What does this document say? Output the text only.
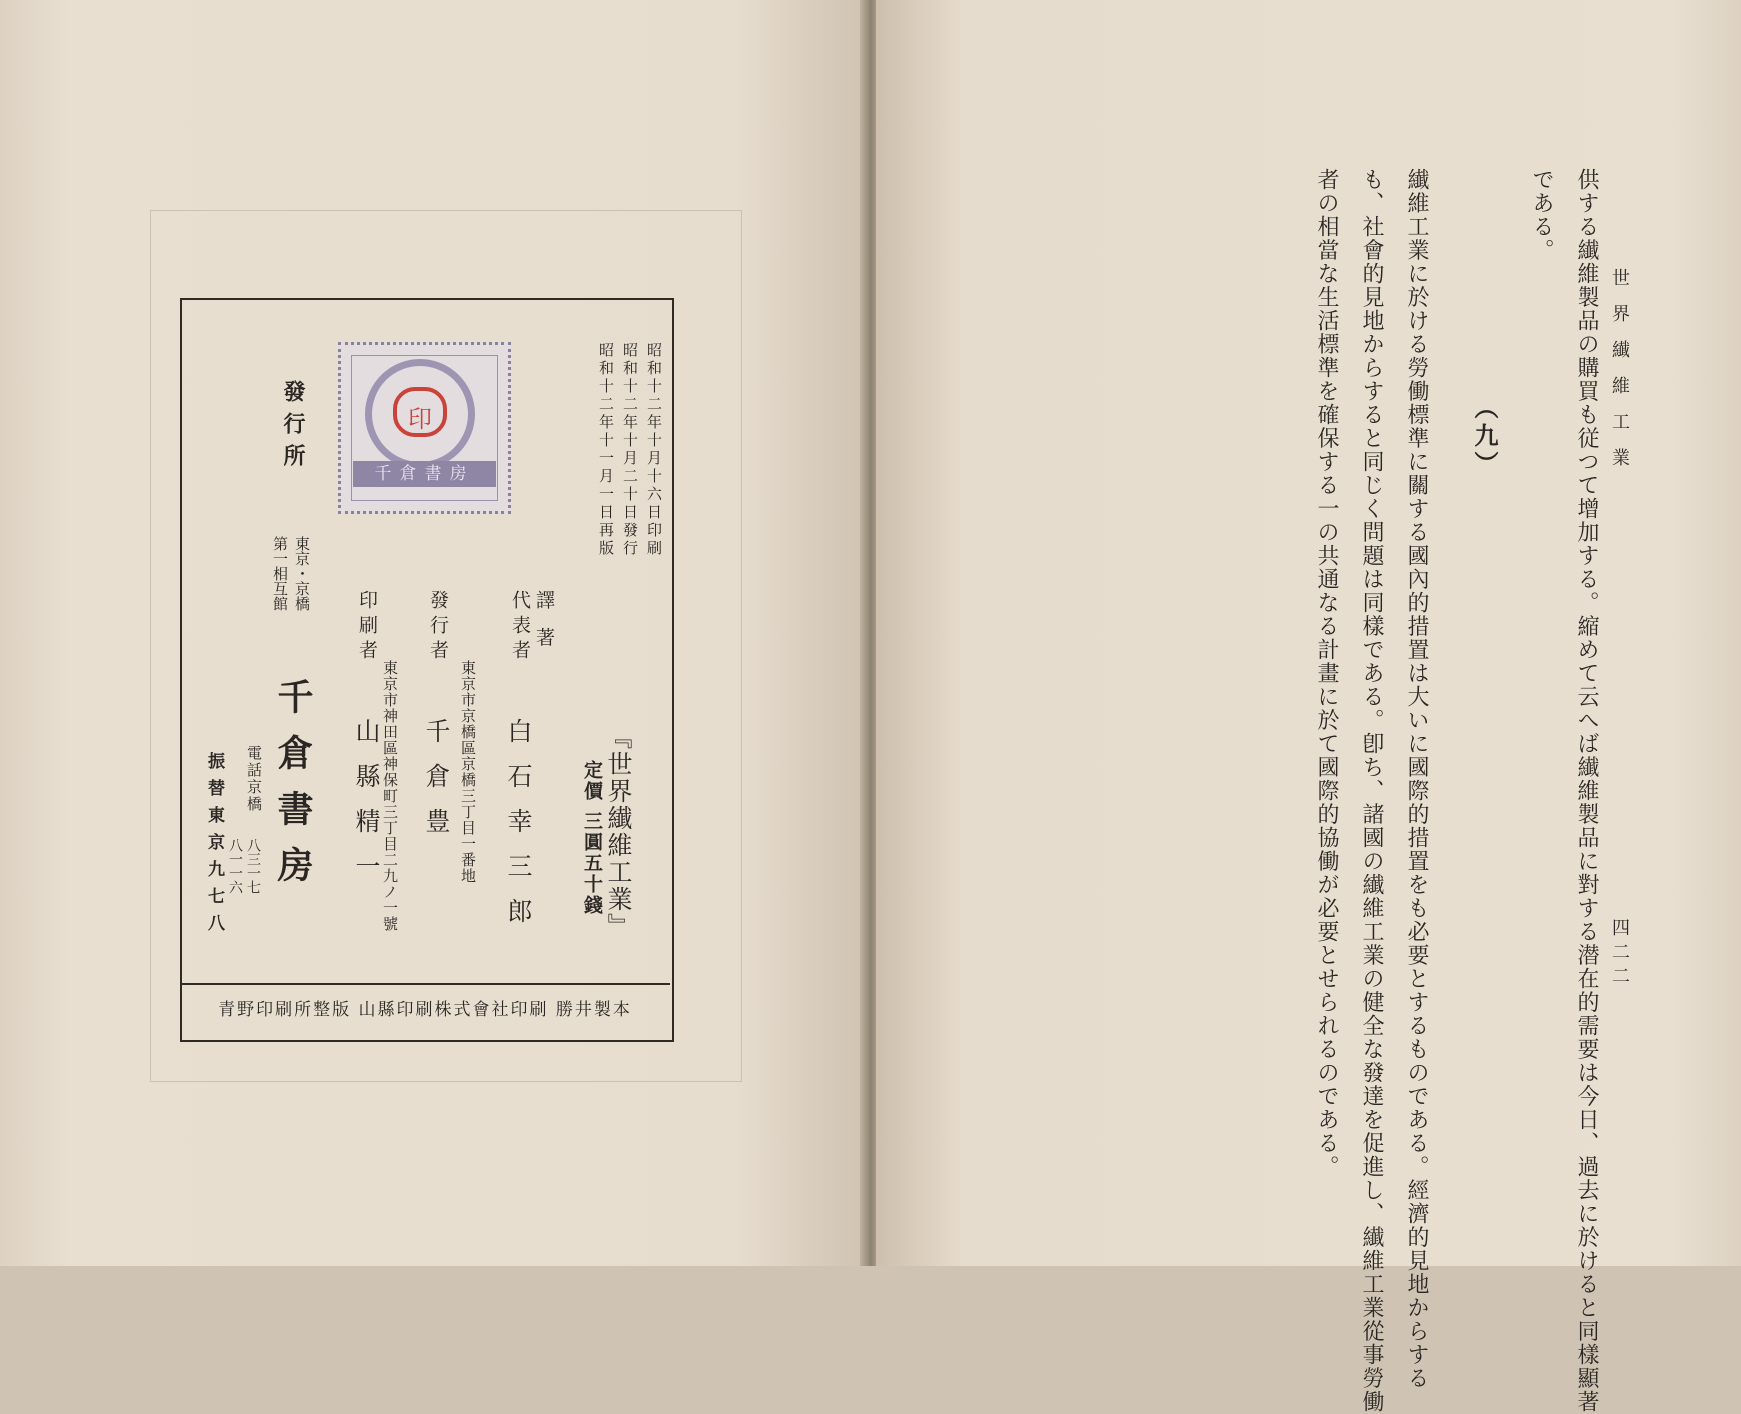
印
千倉書房	昭和十二年十月十六日印刷
昭和十二年十月二十日發行
昭和十二年十一月一日再版
『世界纎維工業』
定價 三圓五十錢
譯 著
代表者
白石幸三郎
東京市京橋區京橋三丁目一番地
發行者
千倉豊
東京市神田區神保町三丁目二九ノ一號
印刷者
山縣精一
發行所
東京・京橋
第一相互館
千倉書房
電話京橋
八三一七
八一一六
振替東京九七八
青野印刷所整版 山縣印刷株式會社印刷 勝井製本
世界纎維工業
四二二
（九）	供する纎維製品の購買も従つて增加する。縮めて云へば纎維製品に對する潜在的需要は今日、過去に於けると同樣顯著
である。
纎維工業に於ける勞働標準に關する國內的措置は大いに國際的措置をも必要とするものである。經濟的見地からする
も、社會的見地からすると同じく問題は同樣である。卽ち、諸國の纎維工業の健全な發達を促進し、纎維工業從事勞働
者の相當な生活標準を確保する一の共通なる計畫に於て國際的協働が必要とせられるのである。
